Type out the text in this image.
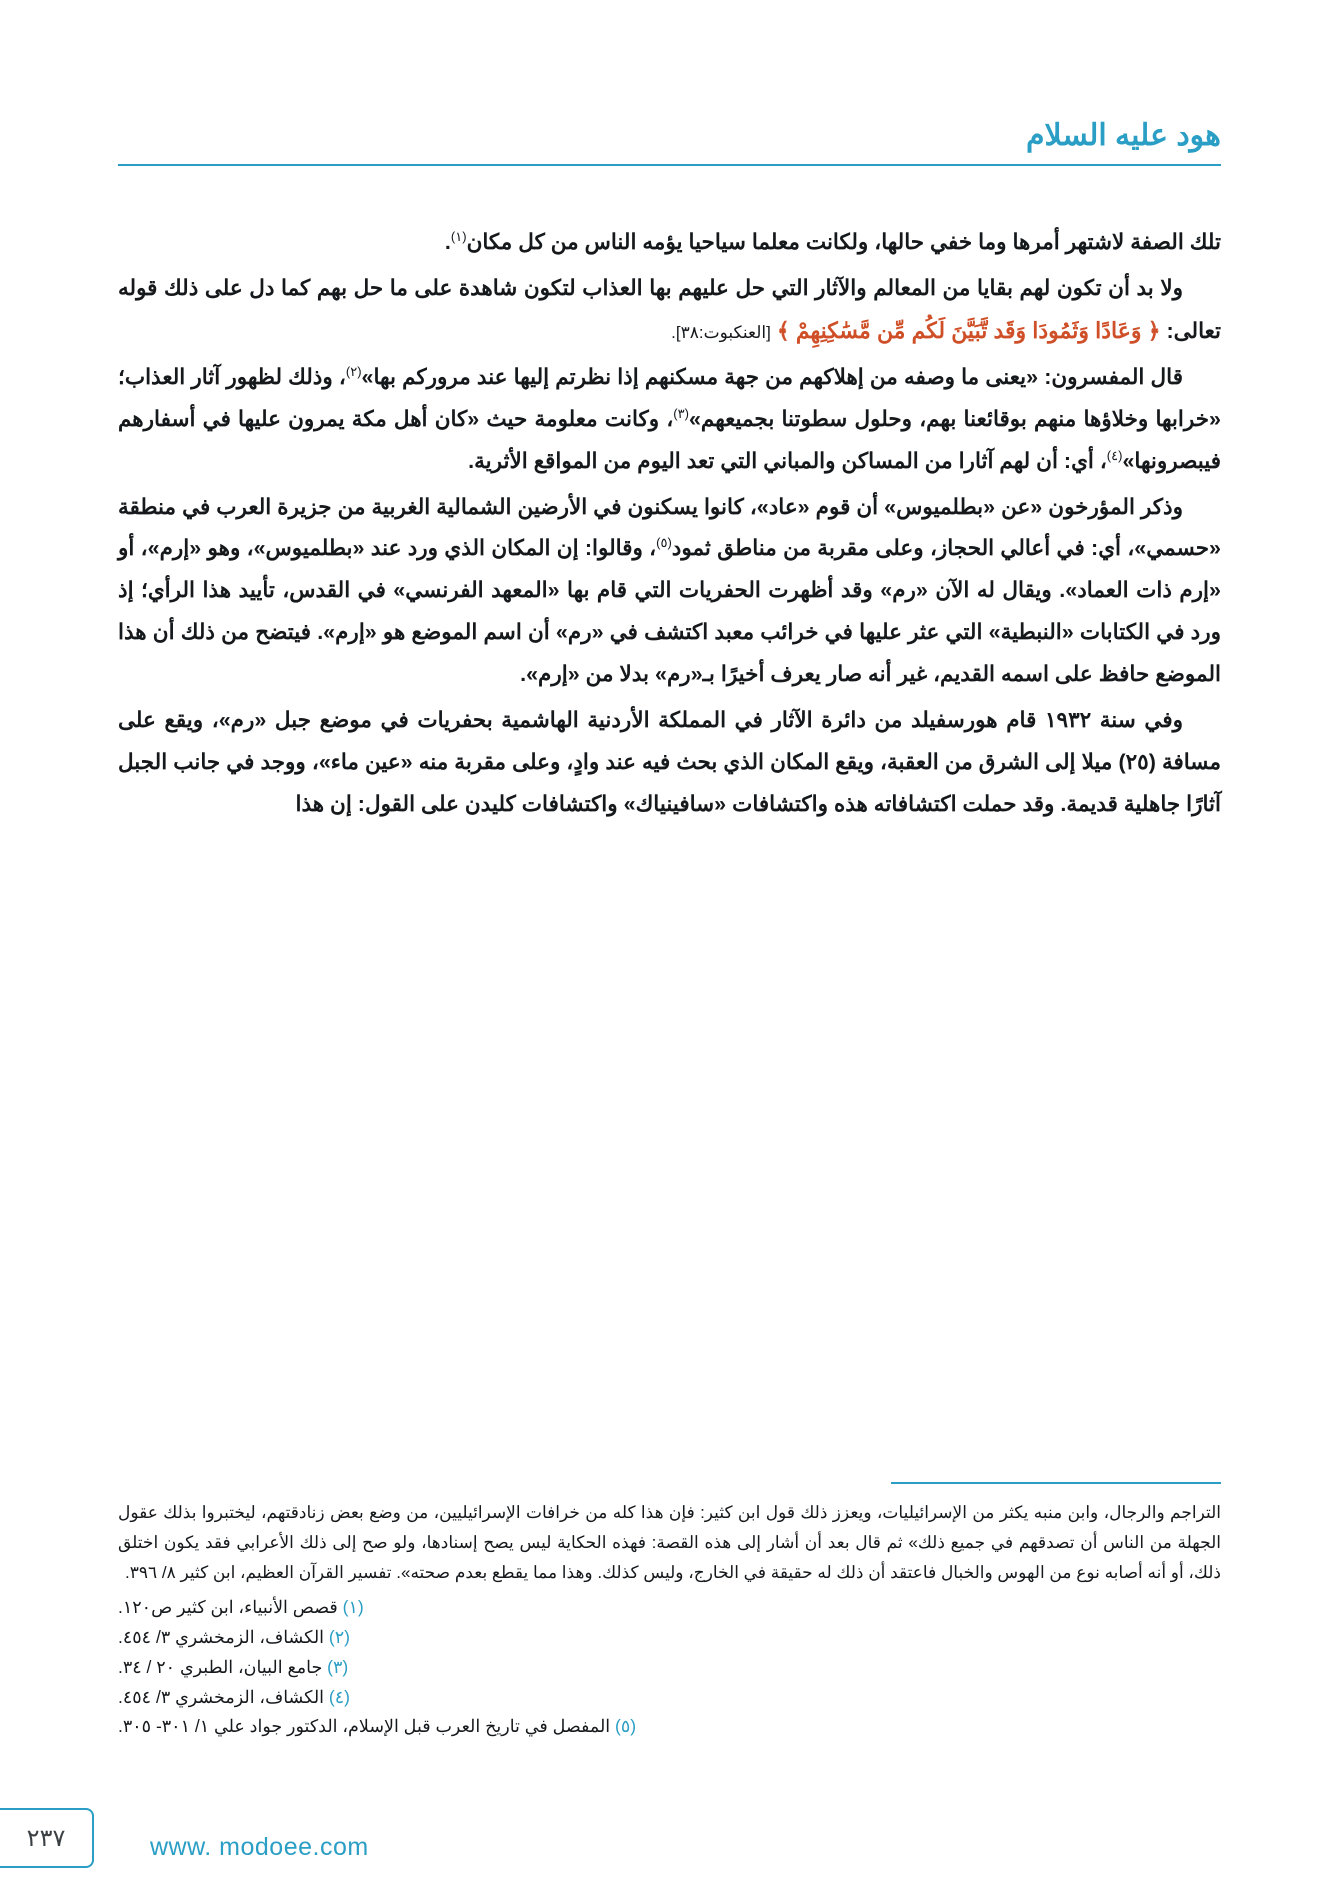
هود عليه السلام

تلك الصفة لاشتهر أمرها وما خفي حالها، ولكانت معلما سياحيا يؤمه الناس من كل مكان$^{(١)}$.

ولا بد أن تكون لهم بقايا من المعالم والآثار التي حل عليهم بها العذاب لتكون شاهدة على ما حل بهم كما دل على ذلك قوله تعالى: ﴿ وَعَادًا وَثَمُودَا وَقَد تَّبَيَّنَ لَكُم مِّن مَّسَٰكِنِهِمْ ﴾ [العنكبوت:٣٨].

قال المفسرون: «يعنى ما وصفه من إهلاكهم من جهة مسكنهم إذا نظرتم إليها عند مروركم بها»$^{(٢)}$، وذلك لظهور آثار العذاب؛ «خرابها وخلاؤها منهم بوقائعنا بهم، وحلول سطوتنا بجميعهم»$^{(٣)}$، وكانت معلومة حيث «كان أهل مكة يمرون عليها في أسفارهم فيبصرونها»$^{(٤)}$، أي: أن لهم آثارا من المساكن والمباني التي تعد اليوم من المواقع الأثرية.

وذكر المؤرخون «عن «بطلميوس» أن قوم «عاد»، كانوا يسكنون في الأرضين الشمالية الغربية من جزيرة العرب في منطقة «حسمي»، أي: في أعالي الحجاز، وعلى مقربة من مناطق ثمود$^{(٥)}$، وقالوا: إن المكان الذي ورد عند «بطلميوس»، وهو «إرم»، أو «إرم ذات العماد». ويقال له الآن «رم» وقد أظهرت الحفريات التي قام بها «المعهد الفرنسي» في القدس، تأييد هذا الرأي؛ إذ ورد في الكتابات «النبطية» التي عثر عليها في خرائب معبد اكتشف في «رم» أن اسم الموضع هو «إرم». فيتضح من ذلك أن هذا الموضع حافظ على اسمه القديم، غير أنه صار يعرف أخيرًا بـ«رم» بدلا من «إرم».

وفي سنة ١٩٣٢ قام هورسفيلد من دائرة الآثار في المملكة الأردنية الهاشمية بحفريات في موضع جبل «رم»، ويقع على مسافة (٢٥) ميلا إلى الشرق من العقبة، ويقع المكان الذي بحث فيه عند وادٍ، وعلى مقربة منه «عين ماء»، ووجد في جانب الجبل آثارًا جاهلية قديمة. وقد حملت اكتشافاته هذه واكتشافات «سافينياك» واكتشافات كليدن على القول: إن هذا

التراجم والرجال، وابن منبه يكثر من الإسرائيليات، ويعزز ذلك قول ابن كثير: فإن هذا كله من خرافات الإسرائيليين، من وضع بعض زنادقتهم، ليختبروا بذلك عقول الجهلة من الناس أن تصدقهم في جميع ذلك» ثم قال بعد أن أشار إلى هذه القصة: فهذه الحكاية ليس يصح إسنادها، ولو صح إلى ذلك الأعرابي فقد يكون اختلق ذلك، أو أنه أصابه نوع من الهوس والخبال فاعتقد أن ذلك له حقيقة في الخارج، وليس كذلك. وهذا مما يقطع بعدم صحته». تفسير القرآن العظيم، ابن كثير ٨/ ٣٩٦.
(١) قصص الأنبياء، ابن كثير ص١٢٠.
(٢) الكشاف، الزمخشري ٣/ ٤٥٤.
(٣) جامع البيان، الطبري ٢٠ / ٣٤.
(٤) الكشاف، الزمخشري ٣/ ٤٥٤.
(٥) المفصل في تاريخ العرب قبل الإسلام، الدكتور جواد علي ١/ ٣٠١- ٣٠٥.
٢٣٧	www. modoee.com
